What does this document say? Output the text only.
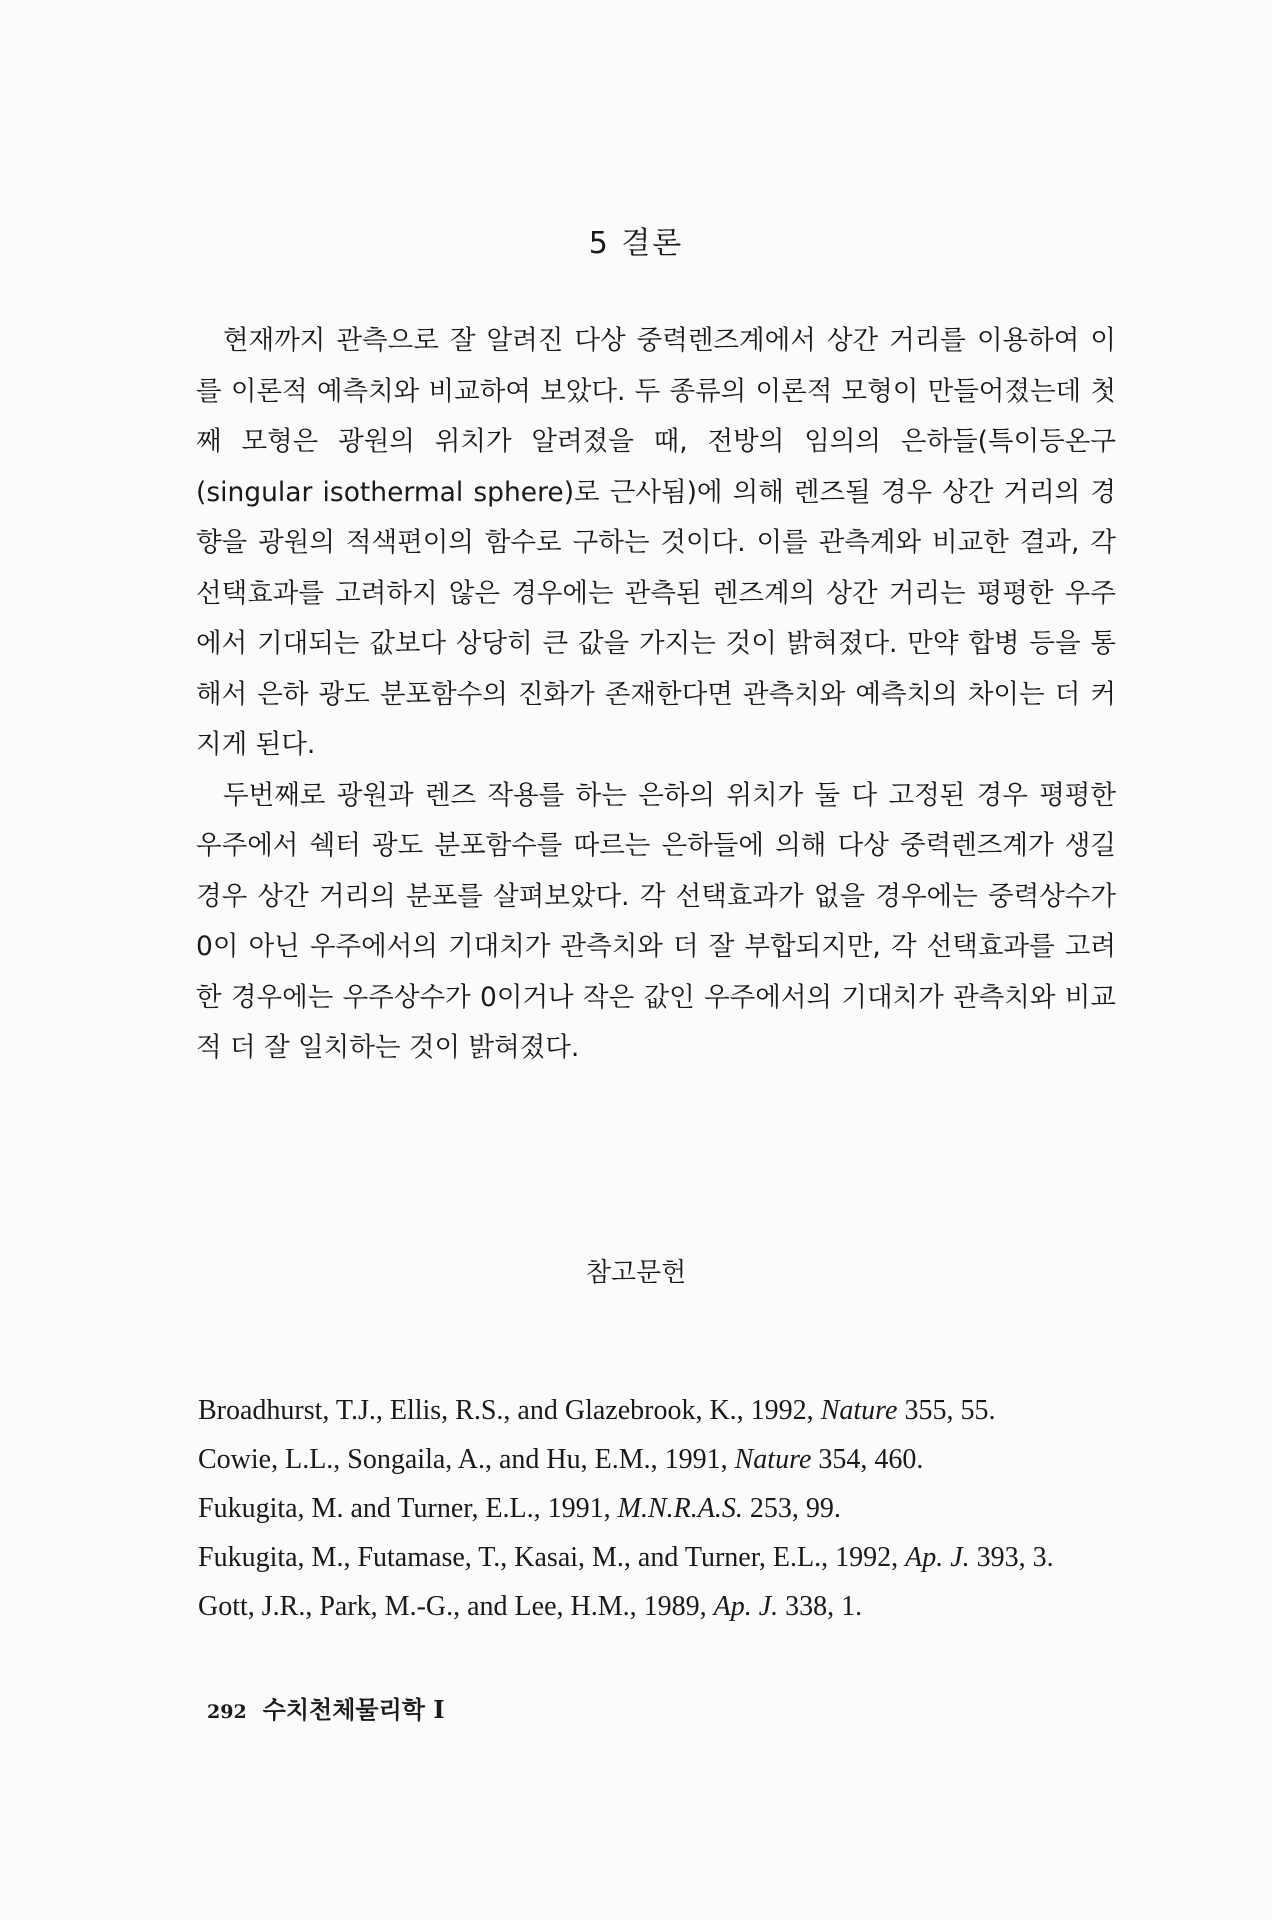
5 결론

현재까지 관측으로 잘 알려진 다상 중력렌즈계에서 상간 거리를 이용하여 이를 이론적 예측치와 비교하여 보았다. 두 종류의 이론적 모형이 만들어졌는데 첫째 모형은 광원의 위치가 알려졌을 때, 전방의 임의의 은하들(특이등온구(singular isothermal sphere)로 근사됨)에 의해 렌즈될 경우 상간 거리의 경향을 광원의 적색편이의 함수로 구하는 것이다. 이를 관측계와 비교한 결과, 각 선택효과를 고려하지 않은 경우에는 관측된 렌즈계의 상간 거리는 평평한 우주에서 기대되는 값보다 상당히 큰 값을 가지는 것이 밝혀졌다. 만약 합병 등을 통해서 은하 광도 분포함수의 진화가 존재한다면 관측치와 예측치의 차이는 더 커지게 된다.

두번째로 광원과 렌즈 작용를 하는 은하의 위치가 둘 다 고정된 경우 평평한 우주에서 쉑터 광도 분포함수를 따르는 은하들에 의해 다상 중력렌즈계가 생길 경우 상간 거리의 분포를 살펴보았다. 각 선택효과가 없을 경우에는 중력상수가 0이 아닌 우주에서의 기대치가 관측치와 더 잘 부합되지만, 각 선택효과를 고려한 경우에는 우주상수가 0이거나 작은 값인 우주에서의 기대치가 관측치와 비교적 더 잘 일치하는 것이 밝혀졌다.

참고문헌
Broadhurst, T.J., Ellis, R.S., and Glazebrook, K., 1992, Nature 355, 55.
Cowie, L.L., Songaila, A., and Hu, E.M., 1991, Nature 354, 460.
Fukugita, M. and Turner, E.L., 1991, M.N.R.A.S. 253, 99.
Fukugita, M., Futamase, T., Kasai, M., and Turner, E.L., 1992, Ap. J. 393, 3.
Gott, J.R., Park, M.-G., and Lee, H.M., 1989, Ap. J. 338, 1.
292 수치천체물리학 I
